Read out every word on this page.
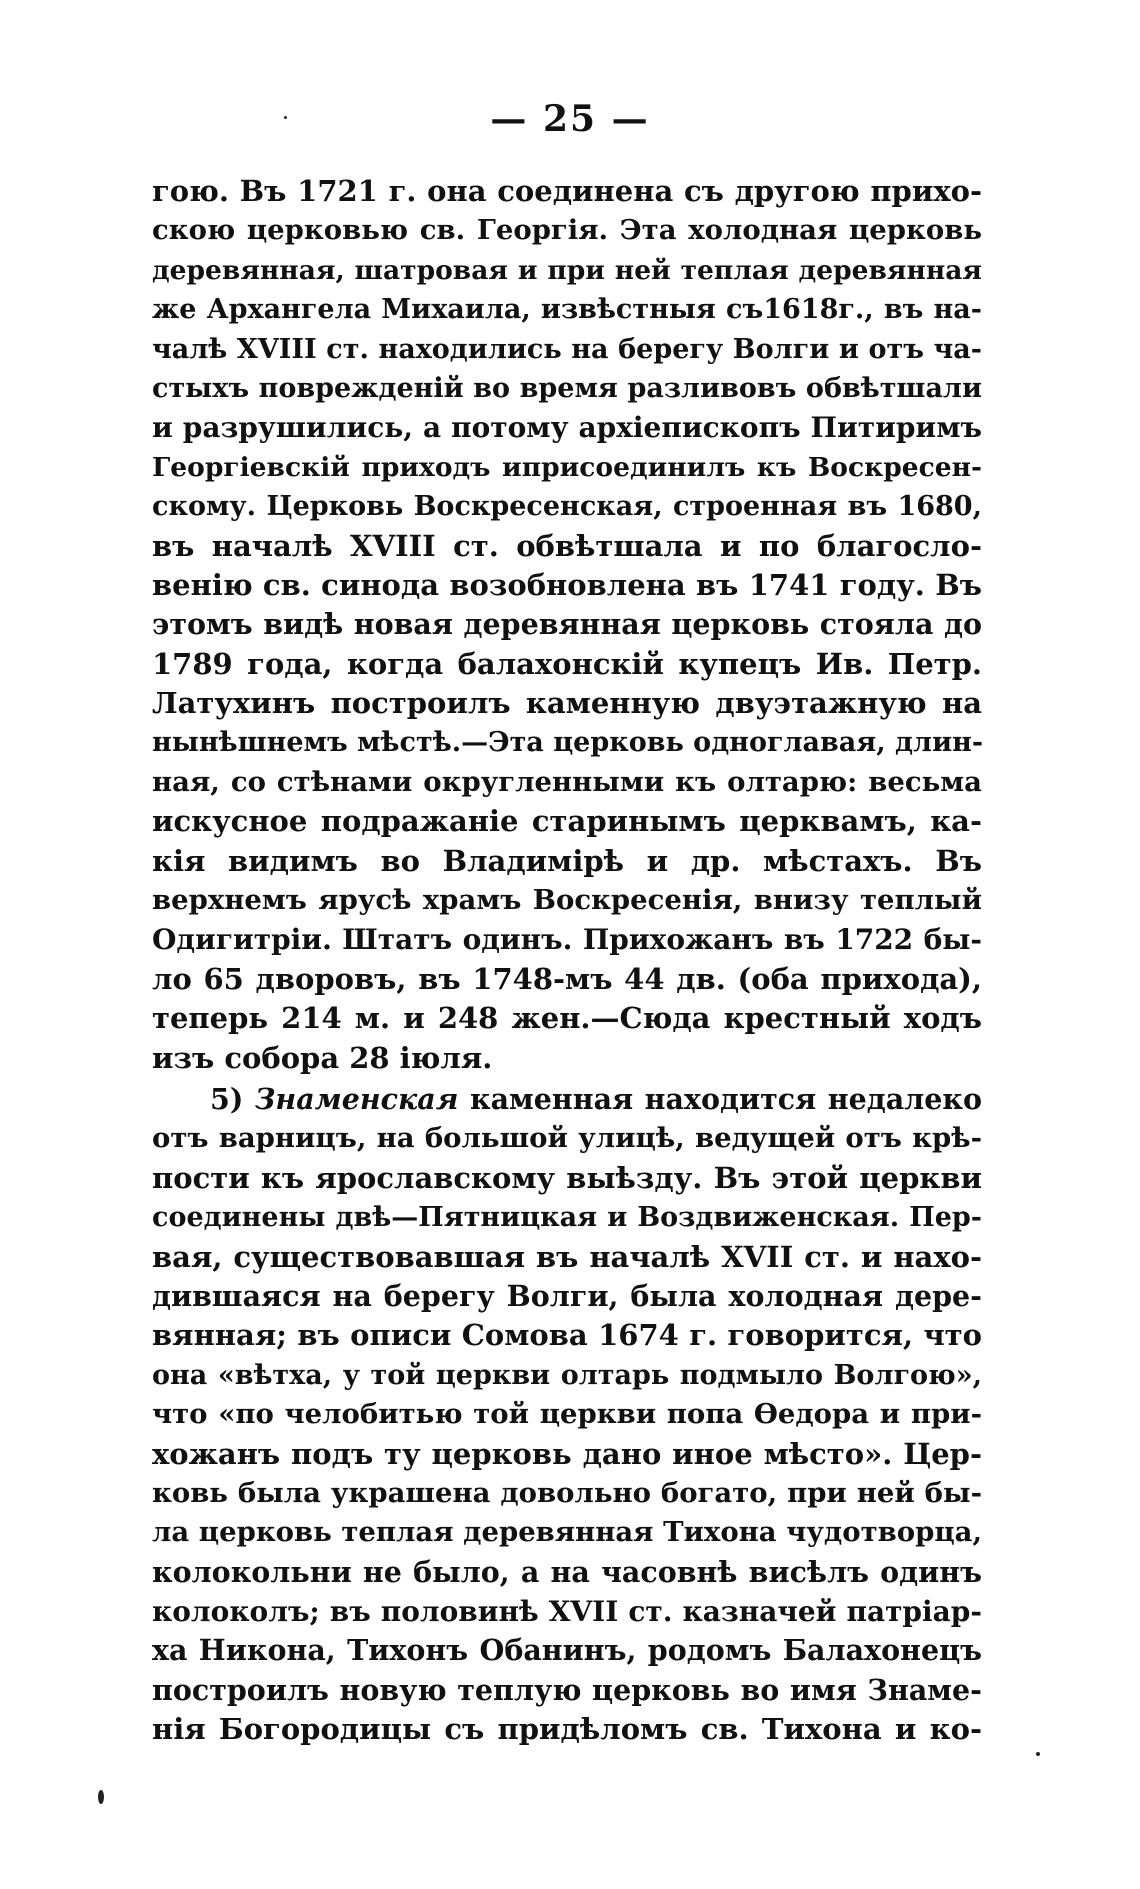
— 25 —
гою. Въ 1721 г. она соединена съ другою прихо-
скою церковью св. Георгія. Эта холодная церковь
деревянная, шатровая и при ней теплая деревянная
же Архангела Михаила, извѣстныя съ1618г., въ на-
чалѣ XVIII ст. находились на берегу Волги и отъ ча-
стыхъ поврежденій во время разливовъ обвѣтшали
и разрушились, а потому архіепископъ Питиримъ
Георгіевскій приходъ иприсоединилъ къ Воскресен-
скому. Церковь Воскресенская, строенная въ 1680,
въ началѣ XVIII ст. обвѣтшала и по благосло-
венію св. синода возобновлена въ 1741 году. Въ
этомъ видѣ новая деревянная церковь стояла до
1789 года, когда балахонскій купецъ Ив. Петр.
Латухинъ построилъ каменную двуэтажную на
нынѣшнемъ мѣстѣ.—Эта церковь одноглавая, длин-
ная, со стѣнами округленными къ олтарю: весьма
искусное подражаніе старинымъ церквамъ, ка-
кія видимъ во Владимірѣ и др. мѣстахъ. Въ
верхнемъ ярусѣ храмъ Воскресенія, внизу теплый
Одигитріи. Штатъ одинъ. Прихожанъ въ 1722 бы-
ло 65 дворовъ, въ 1748-мъ 44 дв. (оба прихода),
теперь 214 м. и 248 жен.—Сюда крестный ходъ
изъ собора 28 іюля.
5) Знаменская каменная находится недалеко
отъ варницъ, на большой улицѣ, ведущей отъ крѣ-
пости къ ярославскому выѣзду. Въ этой церкви
соединены двѣ—Пятницкая и Воздвиженская. Пер-
вая, существовавшая въ началѣ XVII ст. и нахо-
дившаяся на берегу Волги, была холодная дере-
вянная; въ описи Сомова 1674 г. говорится, что
она «вѣтха, у той церкви олтарь подмыло Волгою»,
что «по челобитью той церкви попа Ѳедора и при-
хожанъ подъ ту церковь дано иное мѣсто». Цер-
ковь была украшена довольно богато, при ней бы-
ла церковь теплая деревянная Тихона чудотворца,
колокольни не было, а на часовнѣ висѣлъ одинъ
колоколъ; въ половинѣ XVII ст. казначей патріар-
ха Никона, Тихонъ Обанинъ, родомъ Балахонецъ
построилъ новую теплую церковь во имя Знаме-
нія Богородицы съ придѣломъ св. Тихона и ко-
